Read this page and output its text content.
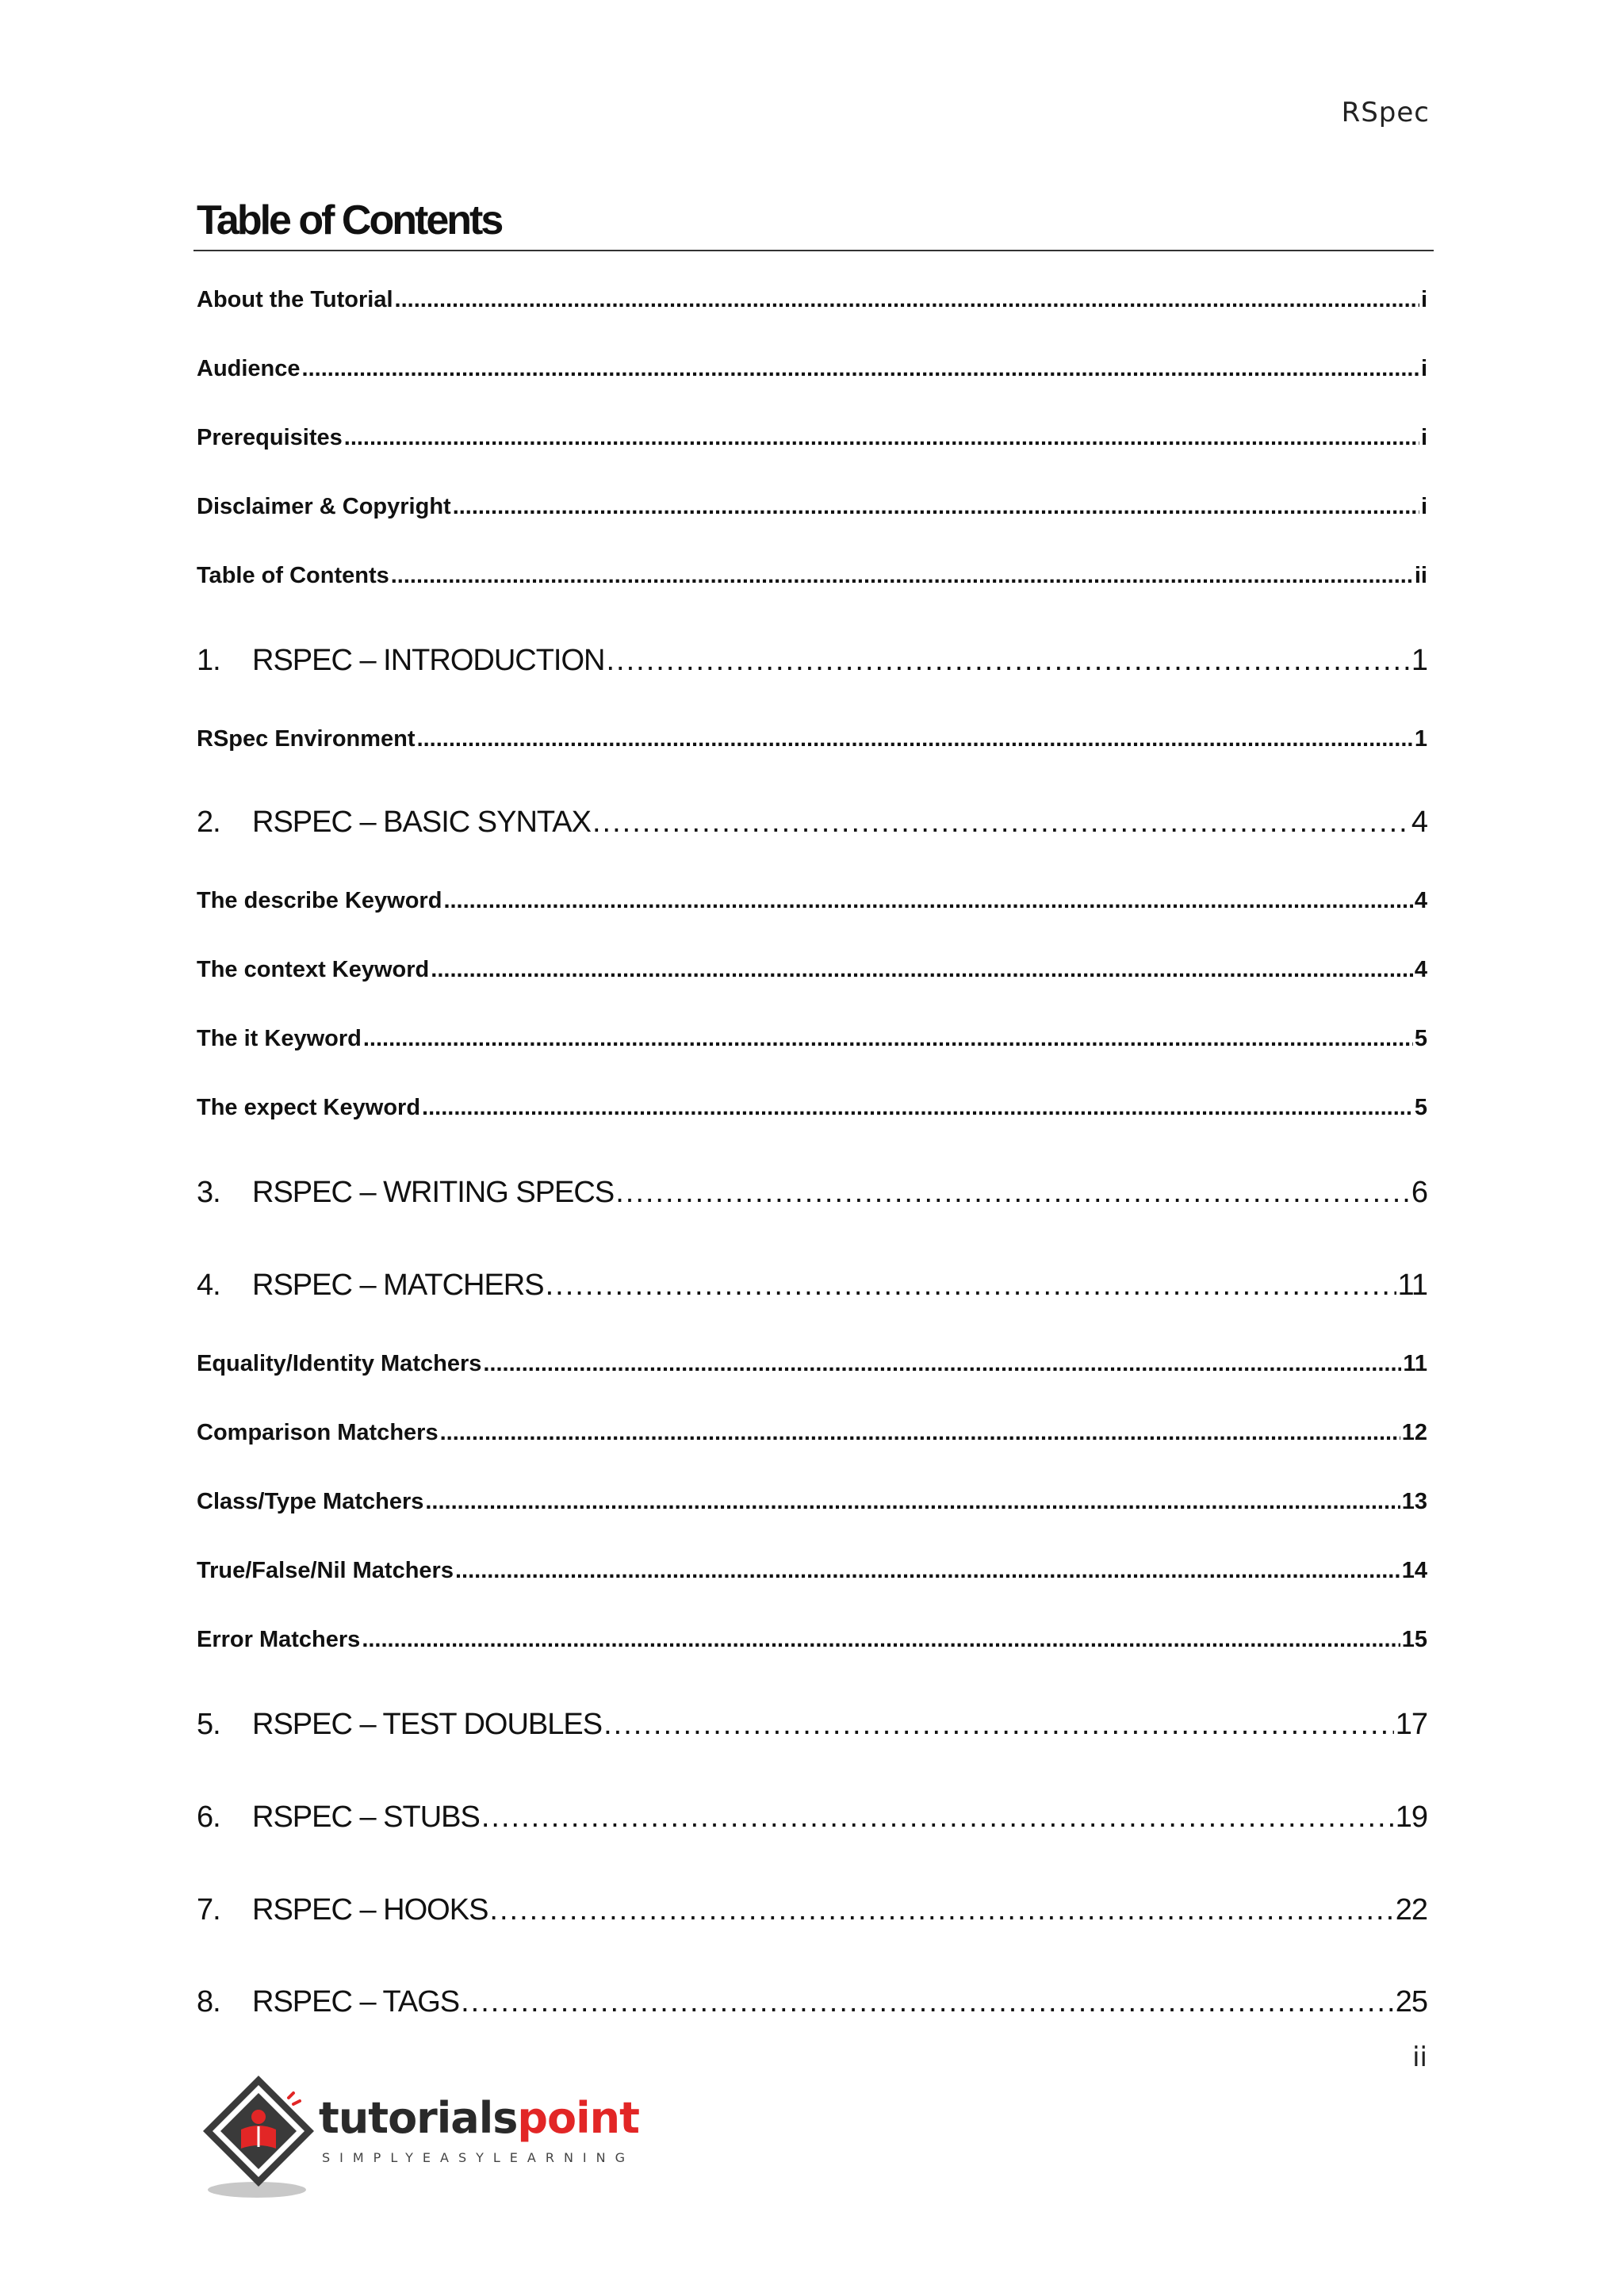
RSpec
Table of Contents
About the Tutorial .....	i
Audience .....	i
Prerequisites .....	i
Disclaimer & Copyright .....	i
Table of Contents .....	ii
1.	RSPEC – INTRODUCTION .....	1
RSpec Environment .....	1
2.	RSPEC – BASIC SYNTAX .....	4
The describe Keyword .....	4
The context Keyword .....	4
The it Keyword .....	5
The expect Keyword .....	5
3.	RSPEC – WRITING SPECS .....	6
4.	RSPEC – MATCHERS .....	11
Equality/Identity Matchers .....	11
Comparison Matchers .....	12
Class/Type Matchers .....	13
True/False/Nil Matchers .....	14
Error Matchers .....	15
5.	RSPEC – TEST DOUBLES .....	17
6.	RSPEC – STUBS .....	19
7.	RSPEC – HOOKS .....	22
8.	RSPEC – TAGS .....	25
ii
tutorialspoint
SIMPLYEASYLEARNING
